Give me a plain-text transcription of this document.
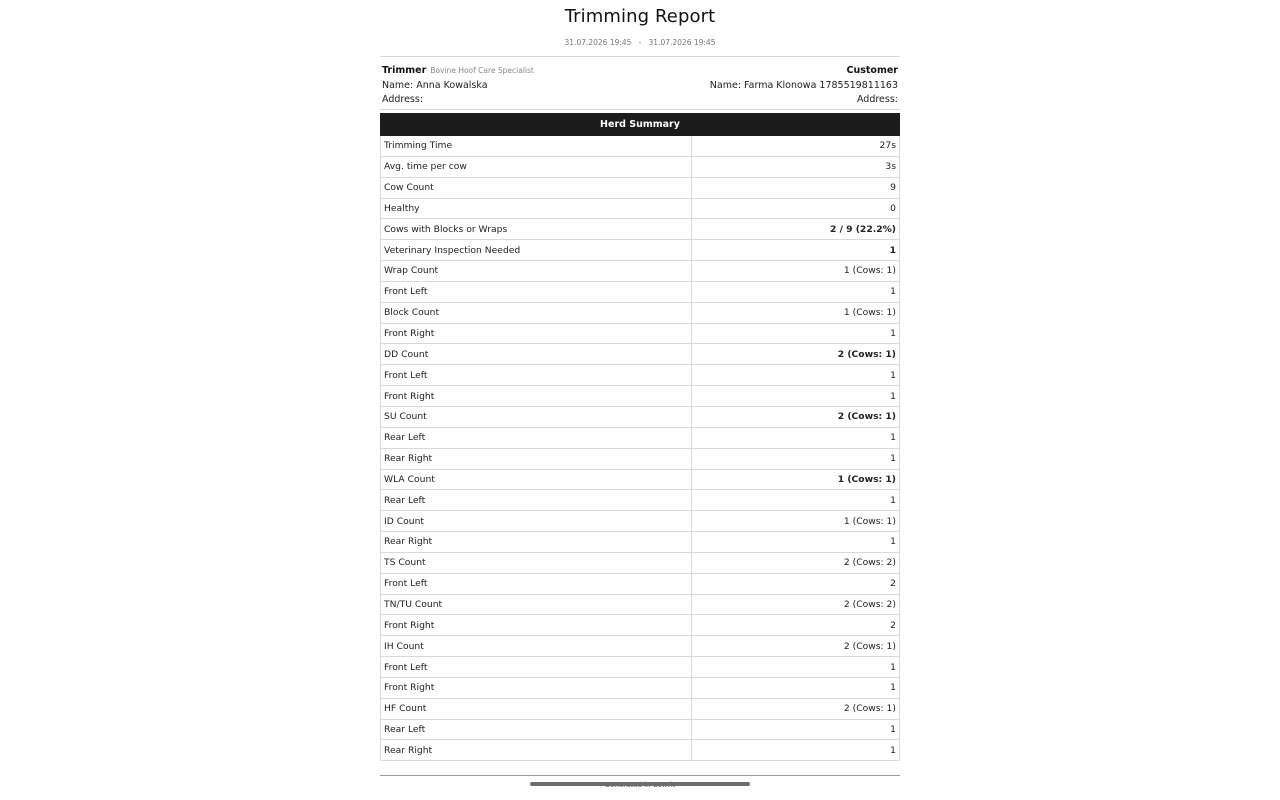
Trimming Report
31.07.2026 19:45 - 31.07.2026 19:45
Trimmer Bovine Hoof Care Specialist
Name: Anna Kowalska
Address:
Customer
Name: Farma Klonowa 1785519811163
Address:
Herd Summary
Trimming Time	27s
Avg. time per cow	3s
Cow Count	9
Healthy	0
Cows with Blocks or Wraps	2 / 9 (22.2%)
Veterinary Inspection Needed	1
Wrap Count	1 (Cows: 1)
Front Left	1
Block Count	1 (Cows: 1)
Front Right	1
DD Count	2 (Cows: 1)
Front Left	1
Front Right	1
SU Count	2 (Cows: 1)
Rear Left	1
Rear Right	1
WLA Count	1 (Cows: 1)
Rear Left	1
ID Count	1 (Cows: 1)
Rear Right	1
TS Count	2 (Cows: 2)
Front Left	2
TN/TU Count	2 (Cows: 2)
Front Right	2
IH Count	2 (Cows: 1)
Front Left	1
Front Right	1
HF Count	2 (Cows: 1)
Rear Left	1
Rear Right	1
